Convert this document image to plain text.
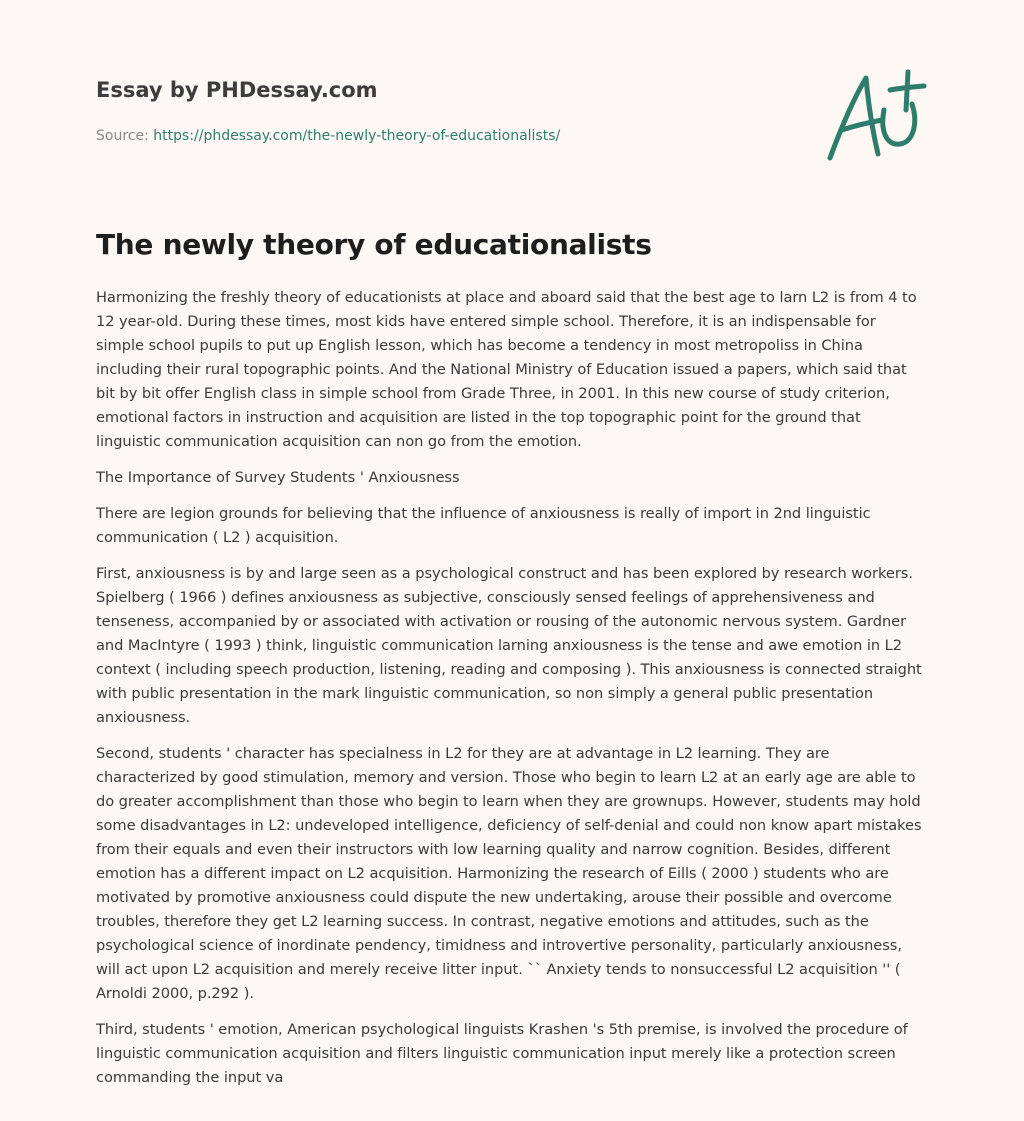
Essay by PHDessay.com
Source: https://phdessay.com/the-newly-theory-of-educationalists/
The newly theory of educationalists

Harmonizing the freshly theory of educationists at place and aboard said that the best age to larn L2 is from 4 to 12 year-old. During these times, most kids have entered simple school. Therefore, it is an indispensable for simple school pupils to put up English lesson, which has become a tendency in most metropoliss in China including their rural topographic points. And the National Ministry of Education issued a papers, which said that bit by bit offer English class in simple school from Grade Three, in 2001. In this new course of study criterion, emotional factors in instruction and acquisition are listed in the top topographic point for the ground that linguistic communication acquisition can non go from the emotion.

The Importance of Survey Students ' Anxiousness

There are legion grounds for believing that the influence of anxiousness is really of import in 2nd linguistic communication ( L2 ) acquisition.

First, anxiousness is by and large seen as a psychological construct and has been explored by research workers. Spielberg ( 1966 ) defines anxiousness as subjective, consciously sensed feelings of apprehensiveness and tenseness, accompanied by or associated with activation or rousing of the autonomic nervous system. Gardner and MacIntyre ( 1993 ) think, linguistic communication larning anxiousness is the tense and awe emotion in L2 context ( including speech production, listening, reading and composing ). This anxiousness is connected straight with public presentation in the mark linguistic communication, so non simply a general public presentation anxiousness.

Second, students ' character has specialness in L2 for they are at advantage in L2 learning. They are characterized by good stimulation, memory and version. Those who begin to learn L2 at an early age are able to do greater accomplishment than those who begin to learn when they are grownups. However, students may hold some disadvantages in L2: undeveloped intelligence, deficiency of self-denial and could non know apart mistakes from their equals and even their instructors with low learning quality and narrow cognition. Besides, different emotion has a different impact on L2 acquisition. Harmonizing the research of Eills ( 2000 ) students who are motivated by promotive anxiousness could dispute the new undertaking, arouse their possible and overcome troubles, therefore they get L2 learning success. In contrast, negative emotions and attitudes, such as the psychological science of inordinate pendency, timidness and introvertive personality, particularly anxiousness, will act upon L2 acquisition and merely receive litter input. `` Anxiety tends to nonsuccessful L2 acquisition '' ( Arnoldi 2000, p.292 ).

Third, students ' emotion, American psychological linguists Krashen 's 5th premise, is involved the procedure of linguistic communication acquisition and filters linguistic communication input merely like a protection screen commanding the input va
